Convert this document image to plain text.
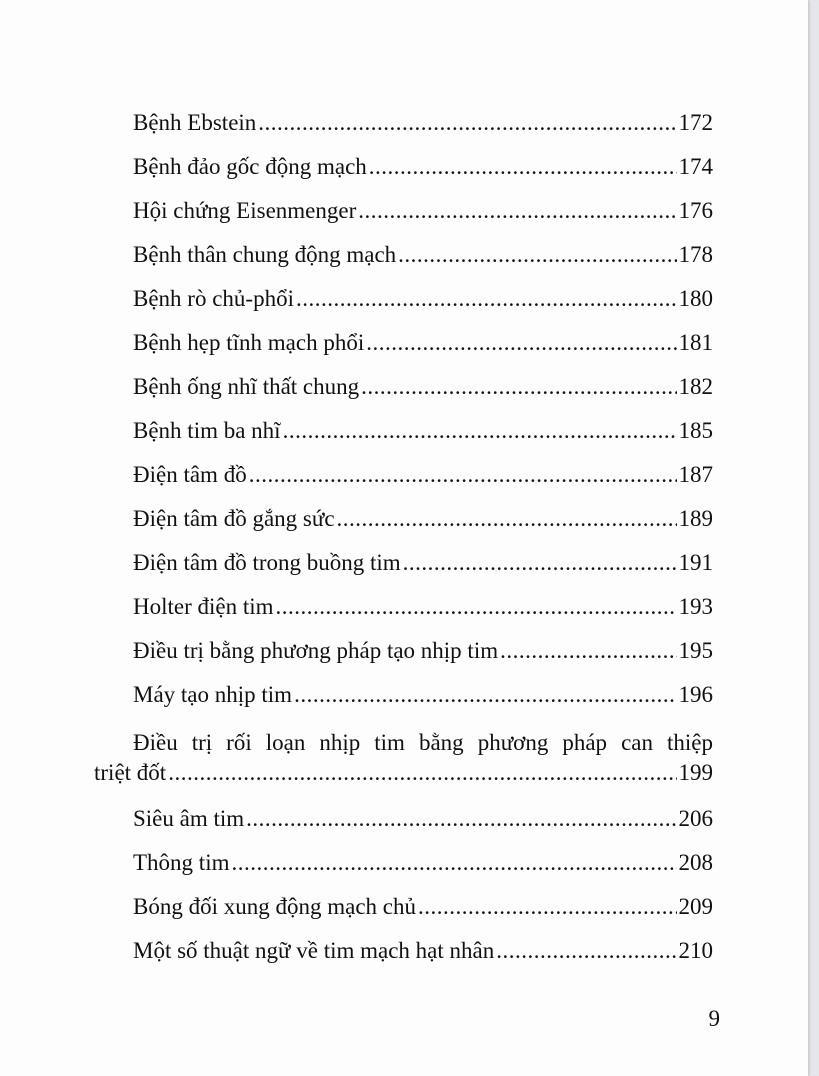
Bệnh Ebstein .....	172
Bệnh đảo gốc động mạch .....	174
Hội chứng Eisenmenger .....	176
Bệnh thân chung động mạch .....	178
Bệnh rò chủ-phổi .....	180
Bệnh hẹp tĩnh mạch phổi .....	181
Bệnh ống nhĩ thất chung .....	182
Bệnh tim ba nhĩ .....	185
Điện tâm đồ .....	187
Điện tâm đồ gắng sức .....	189
Điện tâm đồ trong buồng tim .....	191
Holter điện tim .....	193
Điều trị bằng phương pháp tạo nhịp tim .....	195
Máy tạo nhịp tim .....	196
Điều trị rối loạn nhịp tim bằng phương pháp can thiệp
triệt đốt .....	199
Siêu âm tim .....	206
Thông tim .....	208
Bóng đối xung động mạch chủ .....	209
Một số thuật ngữ về tim mạch hạt nhân .....	210
9
